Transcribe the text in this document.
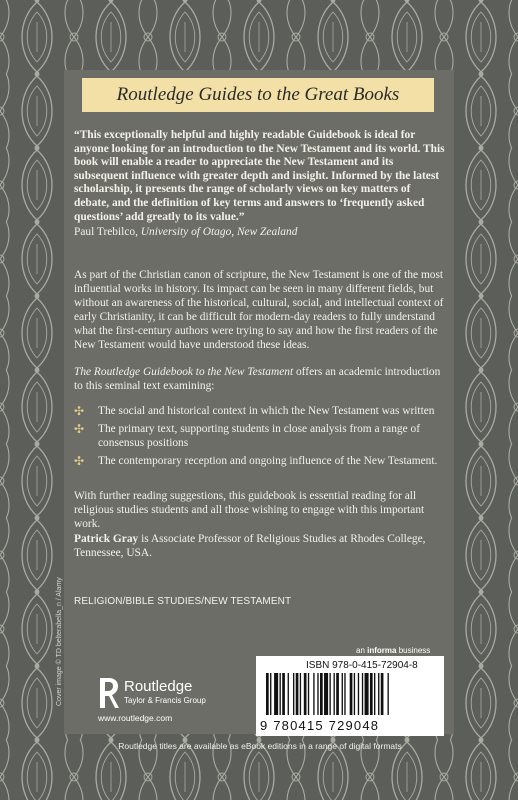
Routledge Guides to the Great Books
“This exceptionally helpful and highly readable Guidebook is ideal for anyone looking for an introduction to the New Testament and its world. This book will enable a reader to appreciate the New Testament and its subsequent influence with greater depth and insight. Informed by the latest scholarship, it presents the range of scholarly views on key matters of debate, and the definition of key terms and answers to ‘frequently asked questions’ add greatly to its value.”
Paul Trebilco, University of Otago, New Zealand
As part of the Christian canon of scripture, the New Testament is one of the most influential works in history. Its impact can be seen in many different fields, but without an awareness of the historical, cultural, social, and intellectual context of early Christianity, it can be difficult for modern-day readers to fully understand what the first-century authors were trying to say and how the first readers of the New Testament would have understood these ideas.
The Routledge Guidebook to the New Testament offers an academic introduction to this seminal text examining:
✣	The social and historical context in which the New Testament was written
✣	The primary text, supporting students in close analysis from a range of consensus positions
✣	The contemporary reception and ongoing influence of the New Testament.
With further reading suggestions, this guidebook is essential reading for all religious studies students and all those wishing to engage with this important work.
Patrick Gray is Associate Professor of Religious Studies at Rhodes College, Tennessee, USA.
RELIGION/BIBLE STUDIES/NEW TESTAMENT
Cover image © TD belterabella_n / Alamy	Routledge
Taylor & Francis Group
www.routledge.com
an informa business
ISBN 978-0-415-72904-8
9 780415 729048
Routledge titles are available as eBook editions in a range of digital formats
